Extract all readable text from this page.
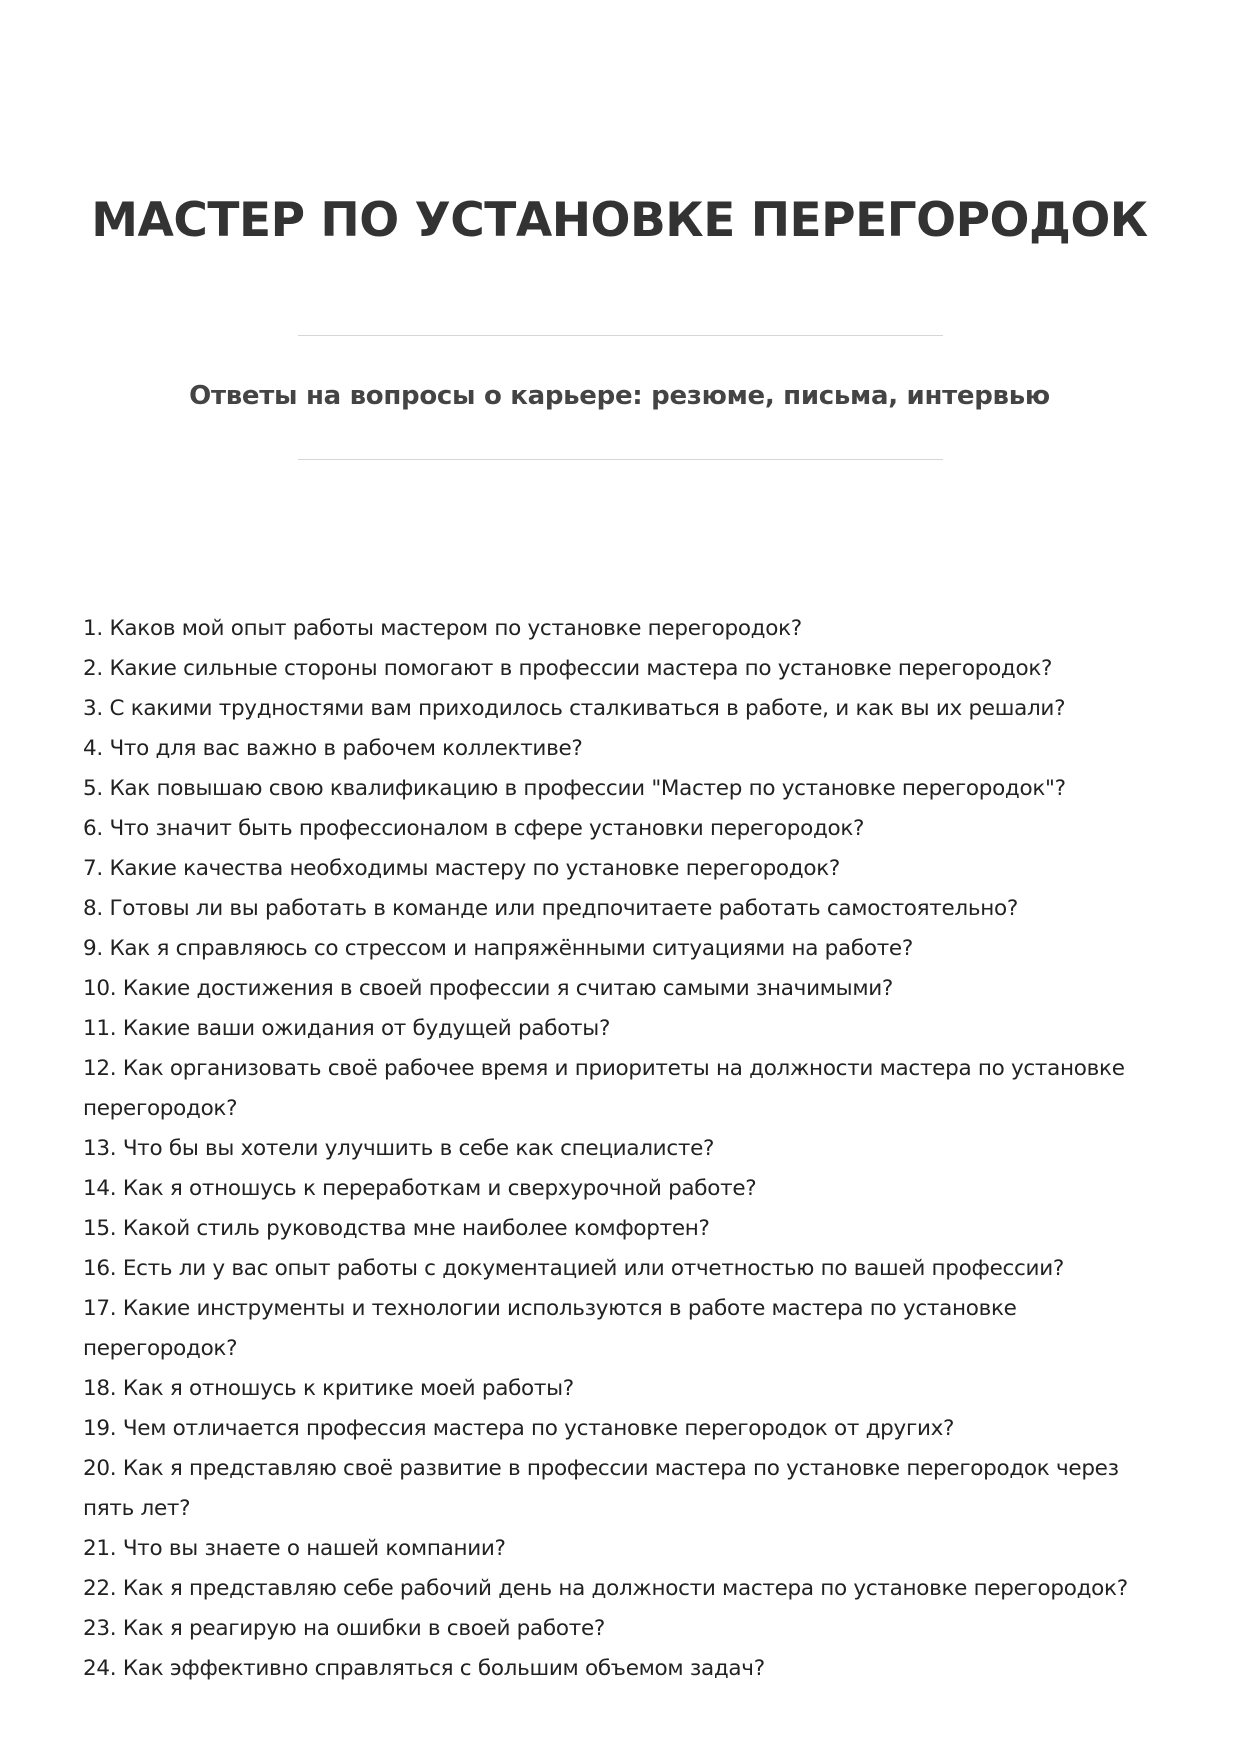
МАСТЕР ПО УСТАНОВКЕ ПЕРЕГОРОДОК
Ответы на вопросы о карьере: резюме, письма, интервью
1. Каков мой опыт работы мастером по установке перегородок?
2. Какие сильные стороны помогают в профессии мастера по установке перегородок?
3. С какими трудностями вам приходилось сталкиваться в работе, и как вы их решали?
4. Что для вас важно в рабочем коллективе?
5. Как повышаю свою квалификацию в профессии "Мастер по установке перегородок"?
6. Что значит быть профессионалом в сфере установки перегородок?
7. Какие качества необходимы мастеру по установке перегородок?
8. Готовы ли вы работать в команде или предпочитаете работать самостоятельно?
9. Как я справляюсь со стрессом и напряжёнными ситуациями на работе?
10. Какие достижения в своей профессии я считаю самыми значимыми?
11. Какие ваши ожидания от будущей работы?
12. Как организовать своё рабочее время и приоритеты на должности мастера по установке перегородок?
13. Что бы вы хотели улучшить в себе как специалисте?
14. Как я отношусь к переработкам и сверхурочной работе?
15. Какой стиль руководства мне наиболее комфортен?
16. Есть ли у вас опыт работы с документацией или отчетностью по вашей профессии?
17. Какие инструменты и технологии используются в работе мастера по установке перегородок?
18. Как я отношусь к критике моей работы?
19. Чем отличается профессия мастера по установке перегородок от других?
20. Как я представляю своё развитие в профессии мастера по установке перегородок через пять лет?
21. Что вы знаете о нашей компании?
22. Как я представляю себе рабочий день на должности мастера по установке перегородок?
23. Как я реагирую на ошибки в своей работе?
24. Как эффективно справляться с большим объемом задач?
